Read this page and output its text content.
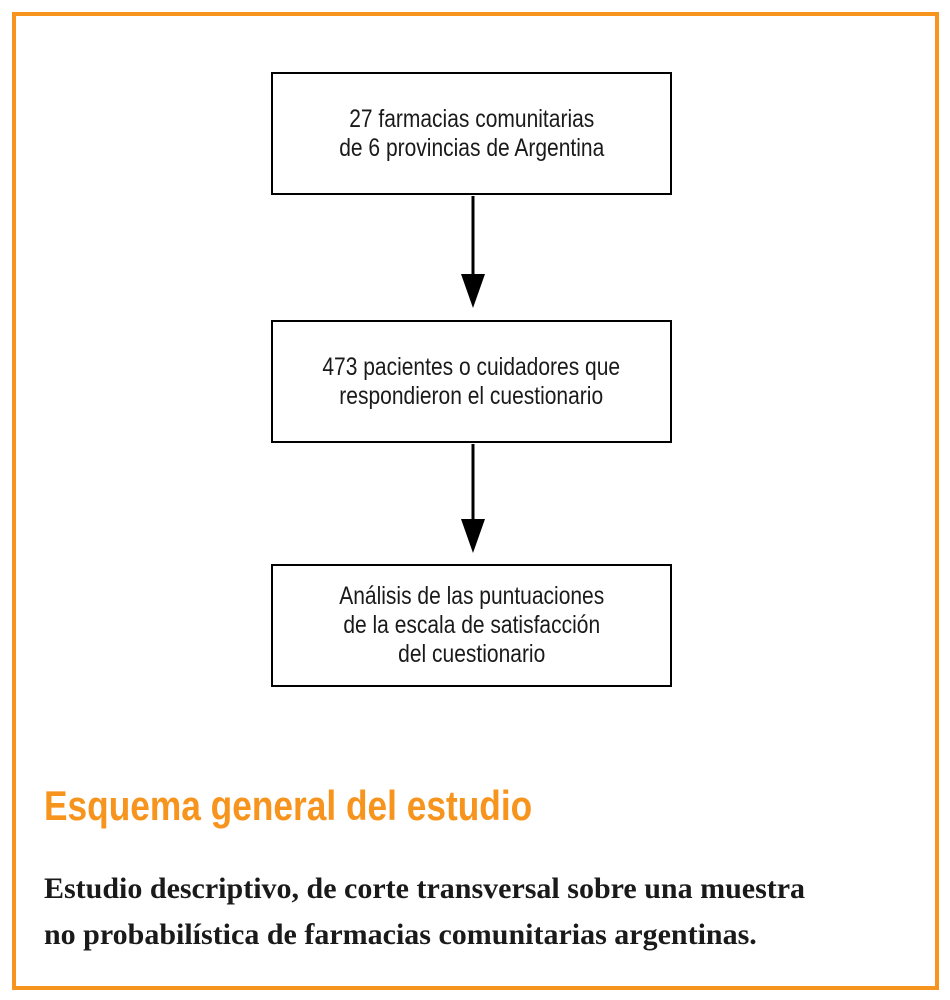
27 farmacias comunitarias
de 6 provincias de Argentina
473 pacientes o cuidadores que
respondieron el cuestionario
Análisis de las puntuaciones
de la escala de satisfacción
del cuestionario
Esquema general del estudio
Estudio descriptivo, de corte transversal sobre una muestra
no probabilística de farmacias comunitarias argentinas.
